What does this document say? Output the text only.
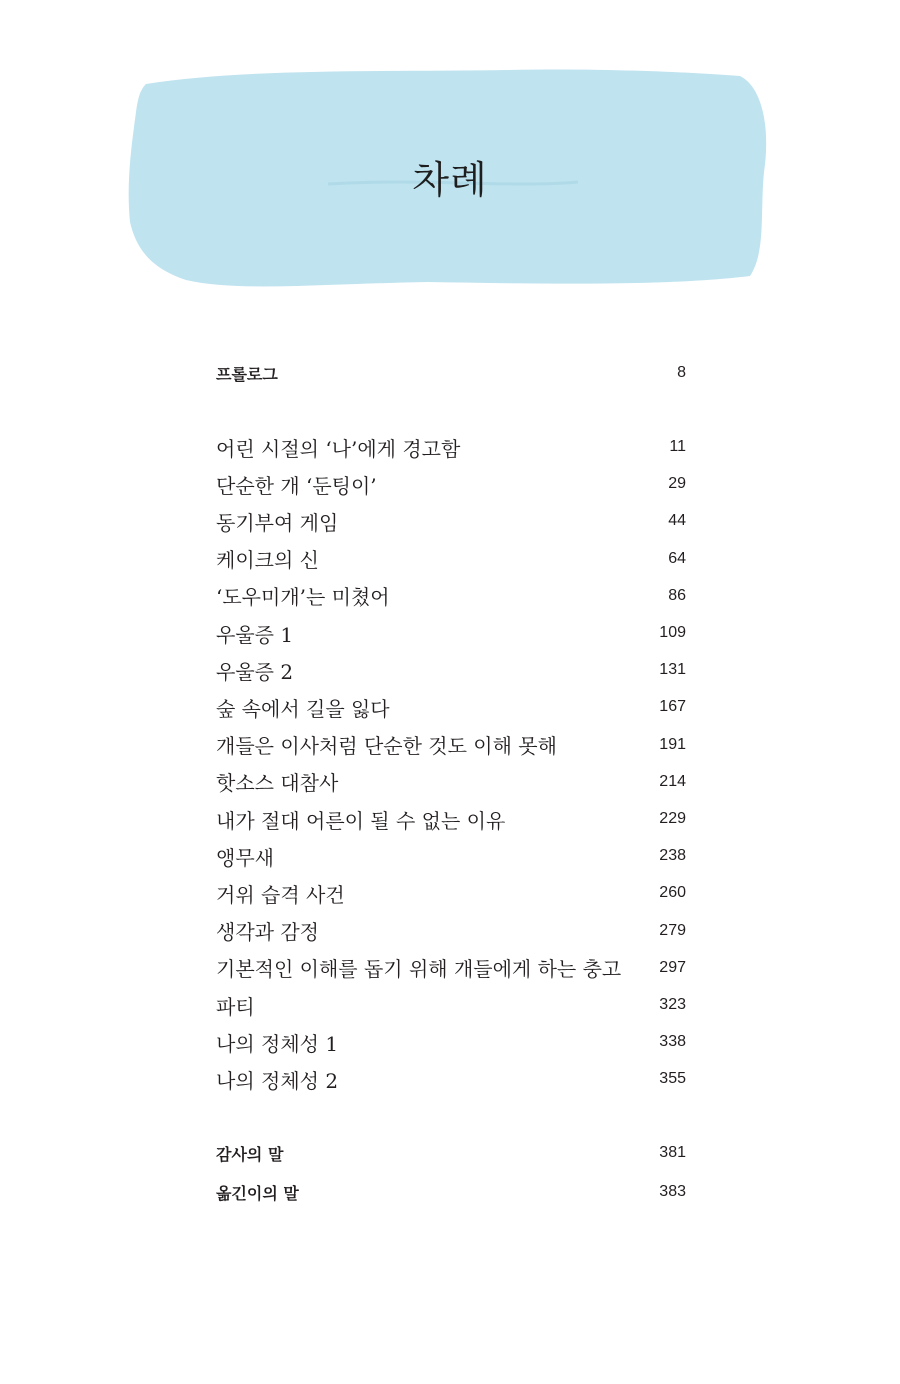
차례
프롤로그	8
어린 시절의 ‘나’에게 경고함	11
단순한 개 ‘둔팅이’	29
동기부여 게임	44
케이크의 신	64
‘도우미개’는 미쳤어	86
우울증 1	109
우울증 2	131
숲 속에서 길을 잃다	167
개들은 이사처럼 단순한 것도 이해 못해	191
핫소스 대참사	214
내가 절대 어른이 될 수 없는 이유	229
앵무새	238
거위 습격 사건	260
생각과 감정	279
기본적인 이해를 돕기 위해 개들에게 하는 충고 297
파티	323
나의 정체성 1	338
나의 정체성 2	355
감사의 말	381
옮긴이의 말	383
